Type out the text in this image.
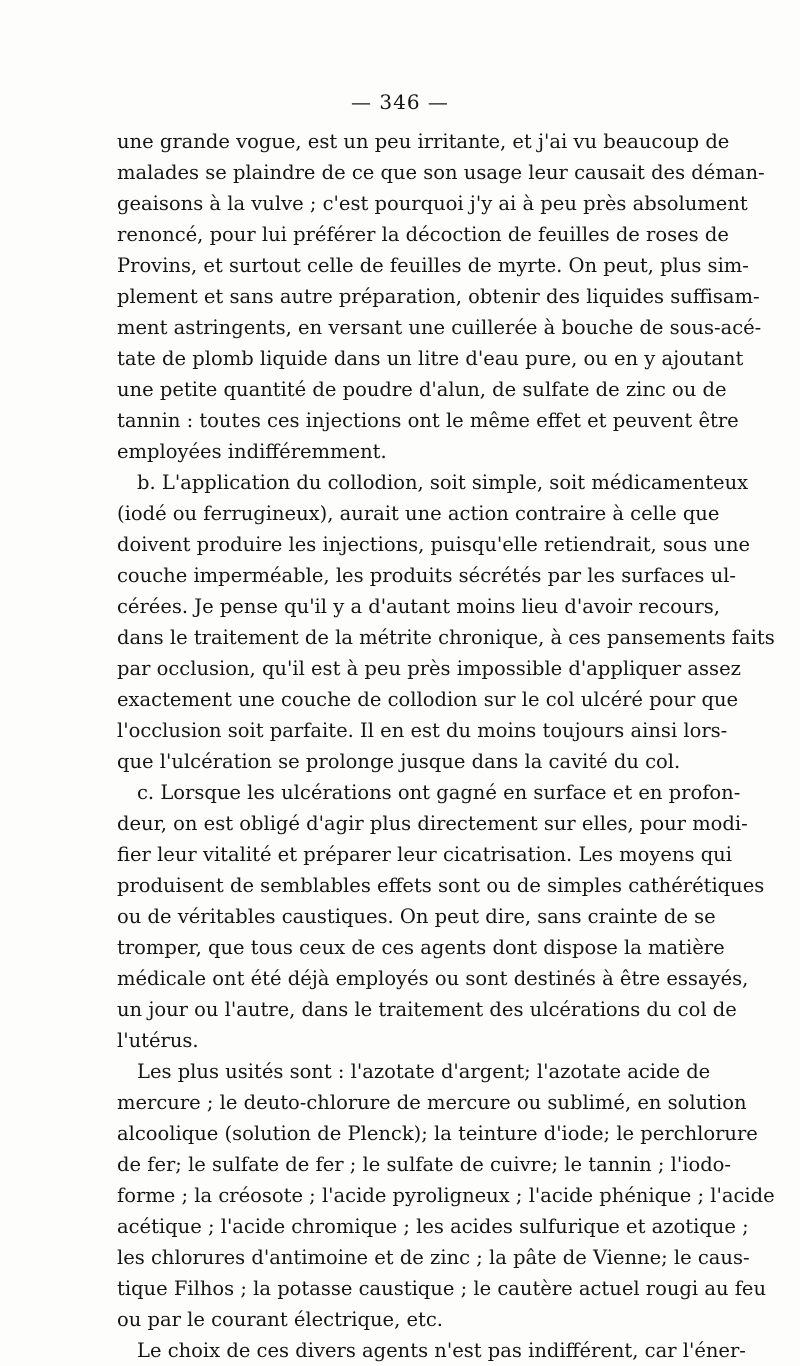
— 346 —
une grande vogue, est un peu irritante, et j'ai vu beaucoup de
malades se plaindre de ce que son usage leur causait des déman-
geaisons à la vulve ; c'est pourquoi j'y ai à peu près absolument
renoncé, pour lui préférer la décoction de feuilles de roses de
Provins, et surtout celle de feuilles de myrte. On peut, plus sim-
plement et sans autre préparation, obtenir des liquides suffisam-
ment astringents, en versant une cuillerée à bouche de sous-acé-
tate de plomb liquide dans un litre d'eau pure, ou en y ajoutant
une petite quantité de poudre d'alun, de sulfate de zinc ou de
tannin : toutes ces injections ont le même effet et peuvent être
employées indifféremment.
b. L'application du collodion, soit simple, soit médicamenteux
(iodé ou ferrugineux), aurait une action contraire à celle que
doivent produire les injections, puisqu'elle retiendrait, sous une
couche imperméable, les produits sécrétés par les surfaces ul-
cérées. Je pense qu'il y a d'autant moins lieu d'avoir recours,
dans le traitement de la métrite chronique, à ces pansements faits
par occlusion, qu'il est à peu près impossible d'appliquer assez
exactement une couche de collodion sur le col ulcéré pour que
l'occlusion soit parfaite. Il en est du moins toujours ainsi lors-
que l'ulcération se prolonge jusque dans la cavité du col.
c. Lorsque les ulcérations ont gagné en surface et en profon-
deur, on est obligé d'agir plus directement sur elles, pour modi-
fier leur vitalité et préparer leur cicatrisation. Les moyens qui
produisent de semblables effets sont ou de simples cathérétiques
ou de véritables caustiques. On peut dire, sans crainte de se
tromper, que tous ceux de ces agents dont dispose la matière
médicale ont été déjà employés ou sont destinés à être essayés,
un jour ou l'autre, dans le traitement des ulcérations du col de
l'utérus.
Les plus usités sont : l'azotate d'argent; l'azotate acide de
mercure ; le deuto-chlorure de mercure ou sublimé, en solution
alcoolique (solution de Plenck); la teinture d'iode; le perchlorure
de fer; le sulfate de fer ; le sulfate de cuivre; le tannin ; l'iodo-
forme ; la créosote ; l'acide pyroligneux ; l'acide phénique ; l'acide
acétique ; l'acide chromique ; les acides sulfurique et azotique ;
les chlorures d'antimoine et de zinc ; la pâte de Vienne; le caus-
tique Filhos ; la potasse caustique ; le cautère actuel rougi au feu
ou par le courant électrique, etc.
Le choix de ces divers agents n'est pas indifférent, car l'éner-
